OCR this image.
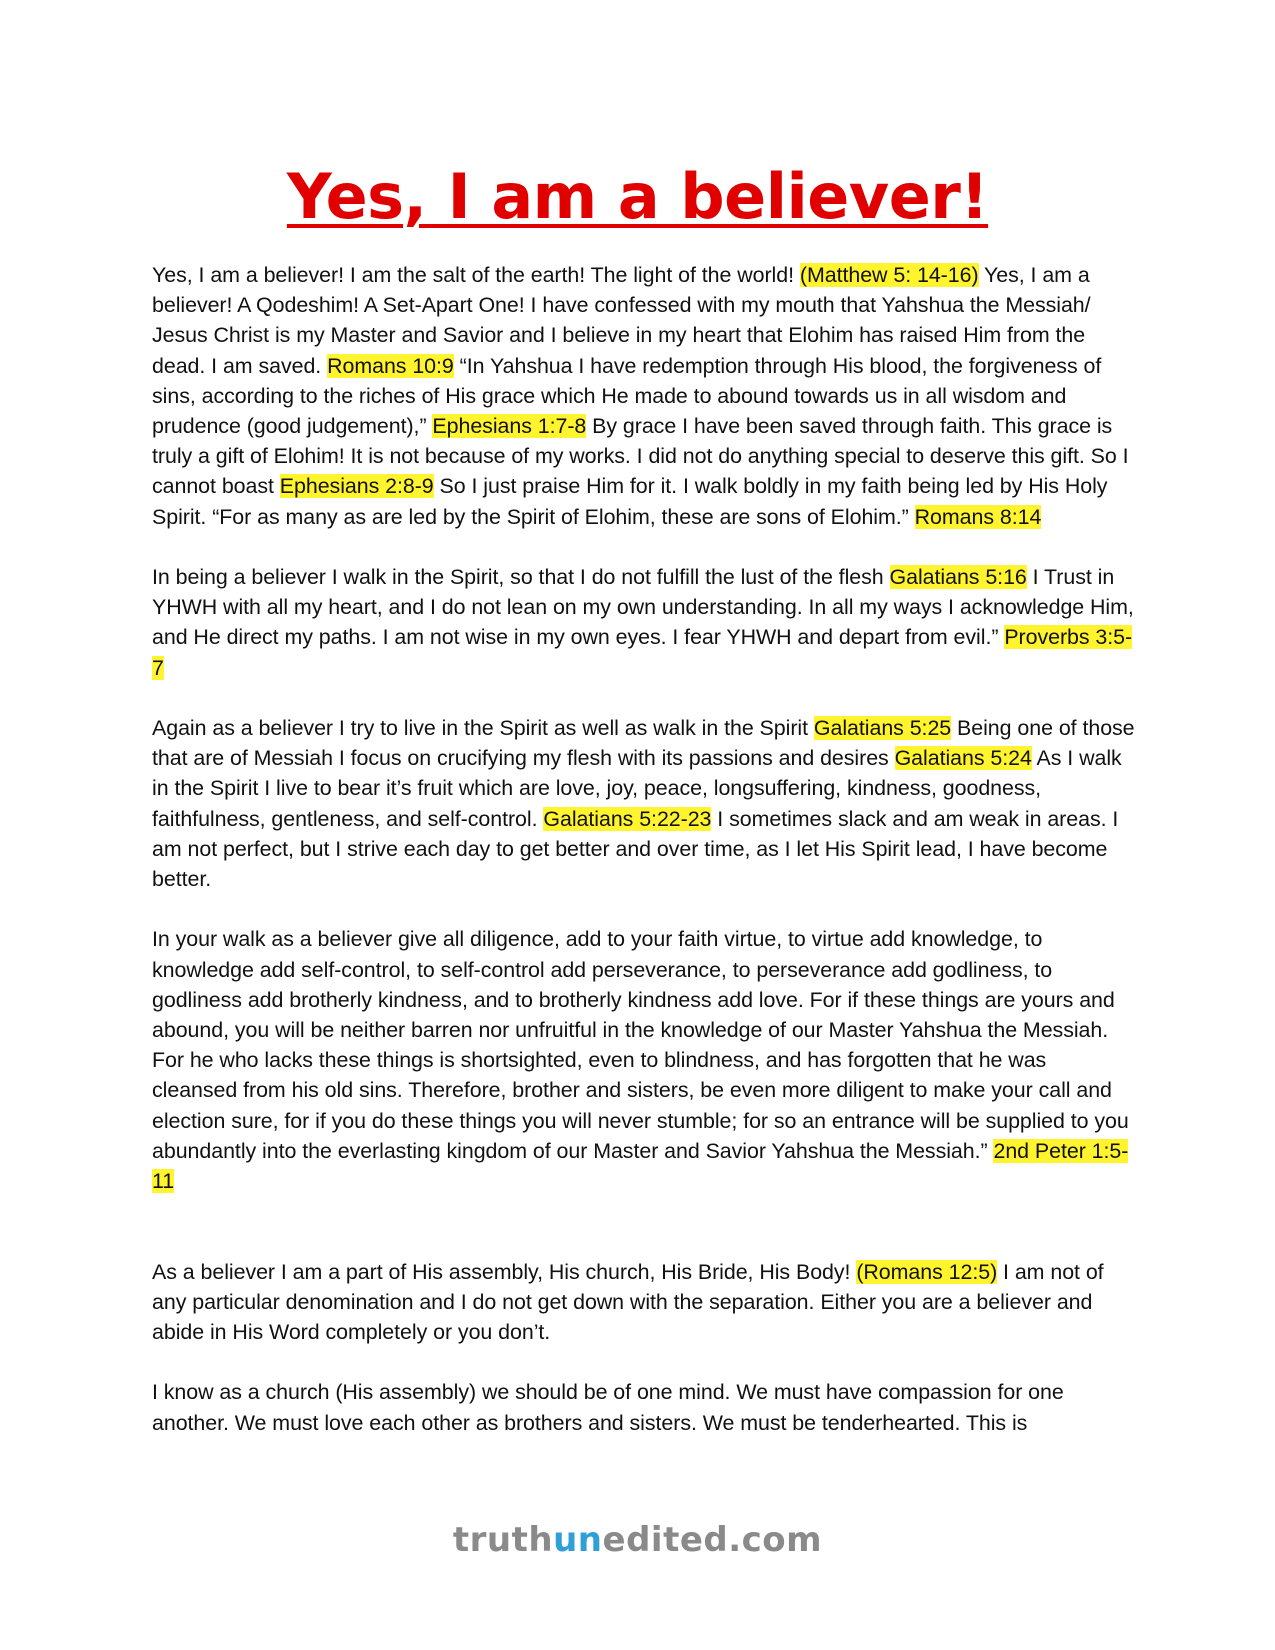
Yes, I am a believer!

Yes, I am a believer! I am the salt of the earth! The light of the world! (Matthew 5: 14-16) Yes, I am a believer! A Qodeshim! A Set-Apart One! I have confessed with my mouth that Yahshua the Messiah/ Jesus Christ is my Master and Savior and I believe in my heart that Elohim has raised Him from the dead. I am saved. Romans 10:9 “In Yahshua I have redemption through His blood, the forgiveness of sins, according to the riches of His grace which He made to abound towards us in all wisdom and prudence (good judgement),” Ephesians 1:7-8 By grace I have been saved through faith. This grace is truly a gift of Elohim! It is not because of my works. I did not do anything special to deserve this gift. So I cannot boast Ephesians 2:8-9 So I just praise Him for it. I walk boldly in my faith being led by His Holy Spirit. “For as many as are led by the Spirit of Elohim, these are sons of Elohim.” Romans 8:14

In being a believer I walk in the Spirit, so that I do not fulfill the lust of the flesh Galatians 5:16 I Trust in YHWH with all my heart, and I do not lean on my own understanding. In all my ways I acknowledge Him, and He direct my paths. I am not wise in my own eyes. I fear YHWH and depart from evil.” Proverbs 3:5-7

Again as a believer I try to live in the Spirit as well as walk in the Spirit Galatians 5:25 Being one of those that are of Messiah I focus on crucifying my flesh with its passions and desires Galatians 5:24 As I walk in the Spirit I live to bear it’s fruit which are love, joy, peace, longsuffering, kindness, goodness, faithfulness, gentleness, and self-control. Galatians 5:22-23 I sometimes slack and am weak in areas. I am not perfect, but I strive each day to get better and over time, as I let His Spirit lead, I have become better.

In your walk as a believer give all diligence, add to your faith virtue, to virtue add knowledge, to knowledge add self-control, to self-control add perseverance, to perseverance add godliness, to godliness add brotherly kindness, and to brotherly kindness add love. For if these things are yours and abound, you will be neither barren nor unfruitful in the knowledge of our Master Yahshua the Messiah. For he who lacks these things is shortsighted, even to blindness, and has forgotten that he was cleansed from his old sins. Therefore, brother and sisters, be even more diligent to make your call and election sure, for if you do these things you will never stumble; for so an entrance will be supplied to you abundantly into the everlasting kingdom of our Master and Savior Yahshua the Messiah.” 2nd Peter 1:5-11

As a believer I am a part of His assembly, His church, His Bride, His Body! (Romans 12:5) I am not of any particular denomination and I do not get down with the separation. Either you are a believer and abide in His Word completely or you don’t.

I know as a church (His assembly) we should be of one mind. We must have compassion for one another. We must love each other as brothers and sisters. We must be tenderhearted. This is

truthunedited.com
